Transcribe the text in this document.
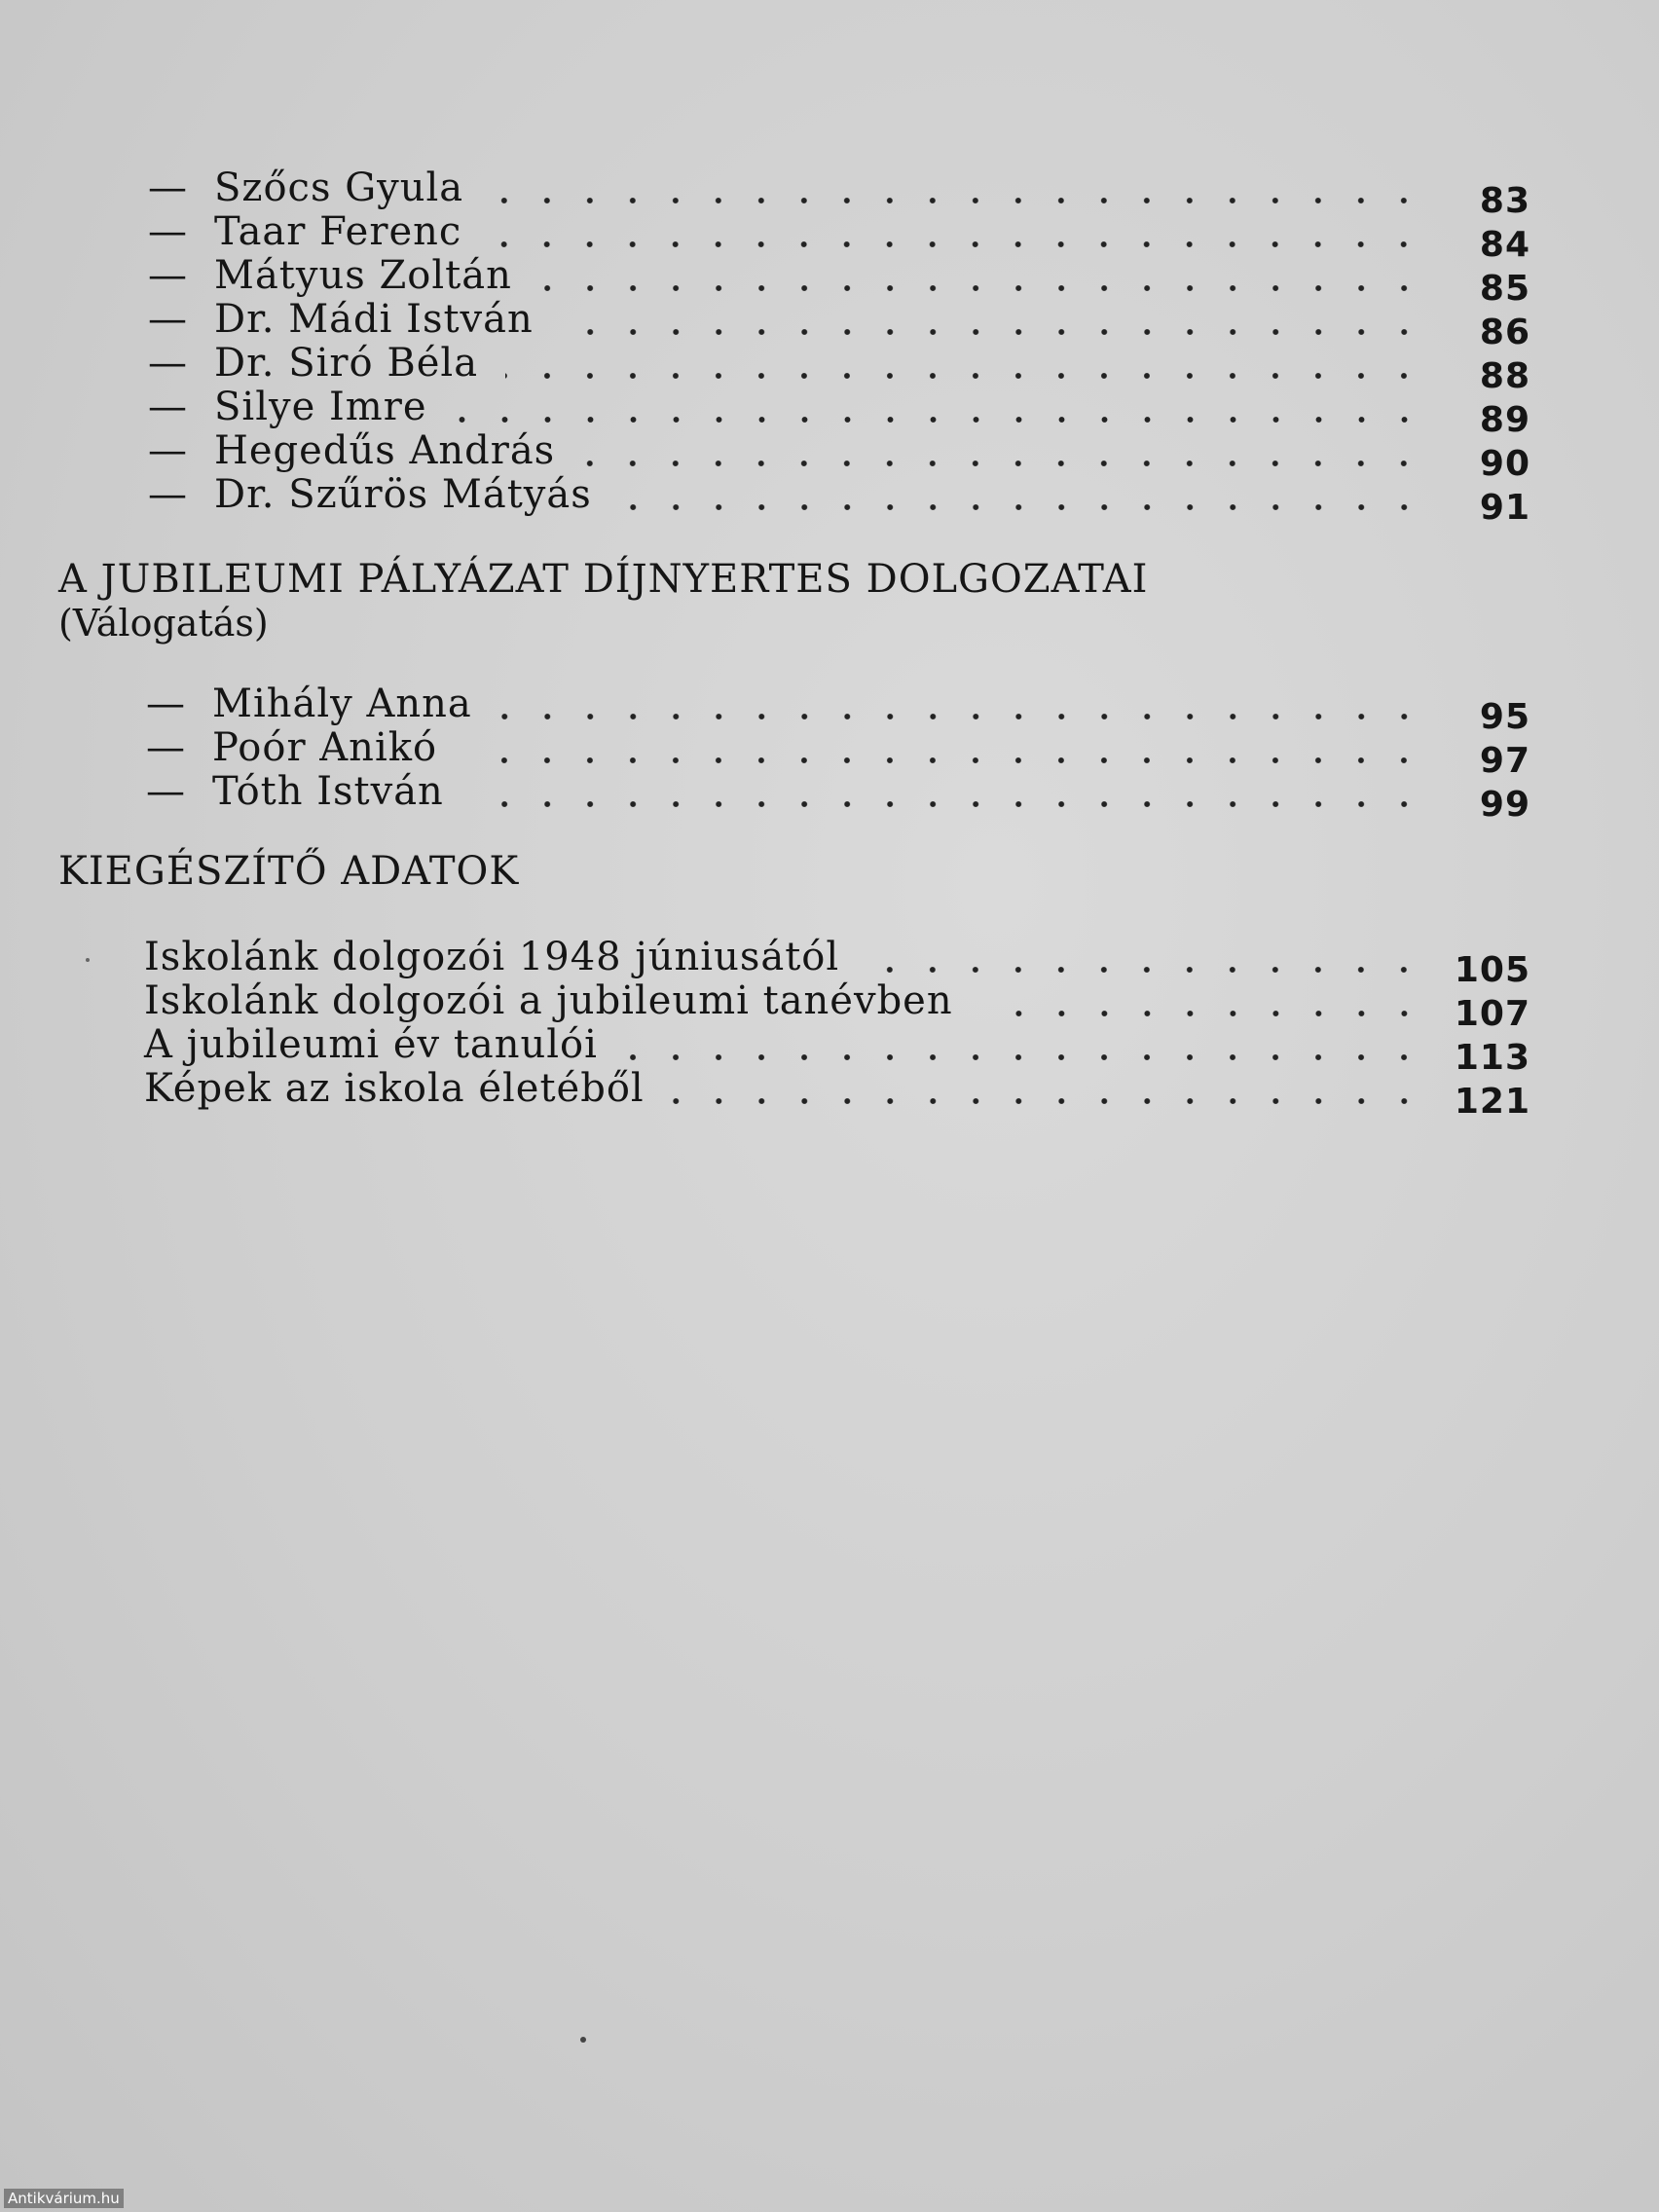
— Szőcs Gyula	83
— Taar Ferenc	84
— Mátyus Zoltán	85
— Dr. Mádi István	86
— Dr. Siró Béla	88
— Silye Imre	89
— Hegedűs András	90
— Dr. Szűrös Mátyás	91
A JUBILEUMI PÁLYÁZAT DÍJNYERTES DOLGOZATAI
(Válogatás)
— Mihály Anna	95
— Poór Anikó	97
— Tóth István	99
KIEGÉSZÍTŐ ADATOK
Iskolánk dolgozói 1948 júniusától	105
Iskolánk dolgozói a jubileumi tanévben	107
A jubileumi év tanulói	113
Képek az iskola életéből	121
Antikvárium.hu
